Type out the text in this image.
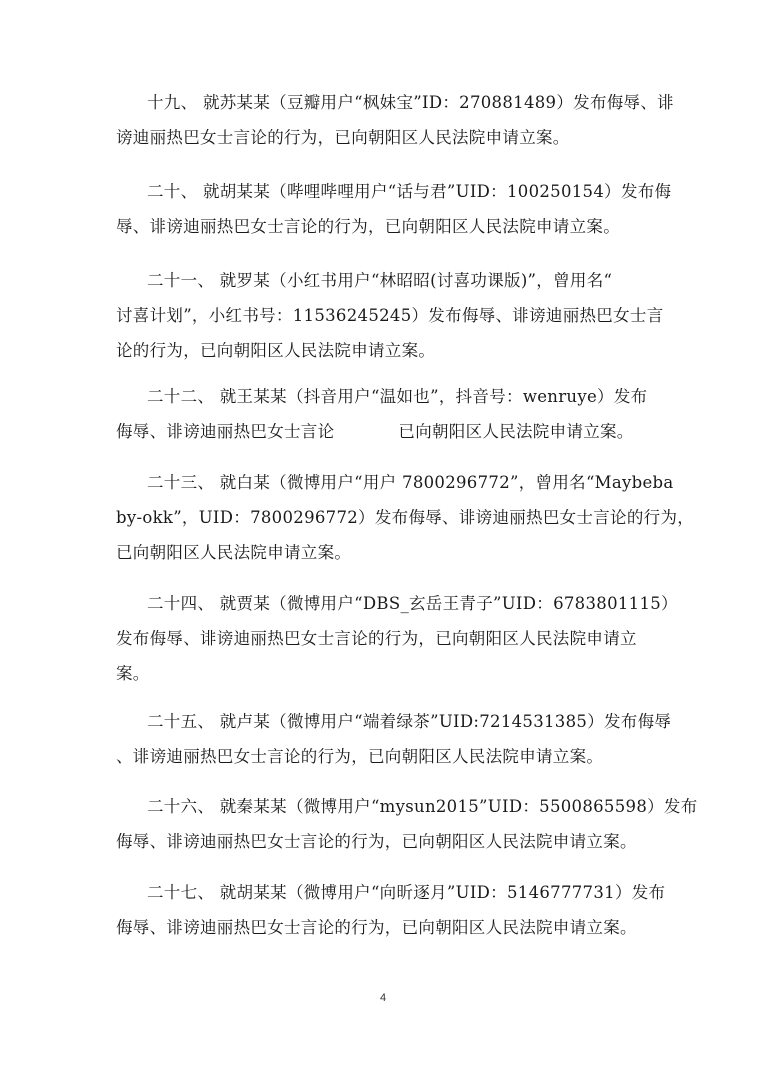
十九、 就苏某某（豆瓣用户“枫妹宝”ID：270881489）发布侮辱、诽
谤迪丽热巴女士言论的行为，已向朝阳区人民法院申请立案。

二十、 就胡某某（哔哩哔哩用户“话与君”UID：100250154）发布侮
辱、诽谤迪丽热巴女士言论的行为，已向朝阳区人民法院申请立案。

二十一、 就罗某（小红书用户“林昭昭(讨喜功课版)”，曾用名“
讨喜计划”，小红书号：11536245245）发布侮辱、诽谤迪丽热巴女士言
论的行为，已向朝阳区人民法院申请立案。

二十二、 就王某某（抖音用户“温如也”，抖音号：wenruye）发布
侮辱、诽谤迪丽热巴女士言论	已向朝阳区人民法院申请立案。

二十三、 就白某（微博用户“用户 7800296772”，曾用名“Maybeba
by-okk”，UID：7800296772）发布侮辱、诽谤迪丽热巴女士言论的行为，
已向朝阳区人民法院申请立案。

二十四、 就贾某（微博用户“DBS_玄岳王青子”UID：6783801115）
发布侮辱、诽谤迪丽热巴女士言论的行为，已向朝阳区人民法院申请立
案。

二十五、 就卢某（微博用户“端着绿茶”UID:7214531385）发布侮辱
、诽谤迪丽热巴女士言论的行为，已向朝阳区人民法院申请立案。

二十六、 就秦某某（微博用户“mysun2015”UID：5500865598）发布
侮辱、诽谤迪丽热巴女士言论的行为，已向朝阳区人民法院申请立案。

二十七、 就胡某某（微博用户“向昕逐月”UID：5146777731）发布
侮辱、诽谤迪丽热巴女士言论的行为，已向朝阳区人民法院申请立案。

4
